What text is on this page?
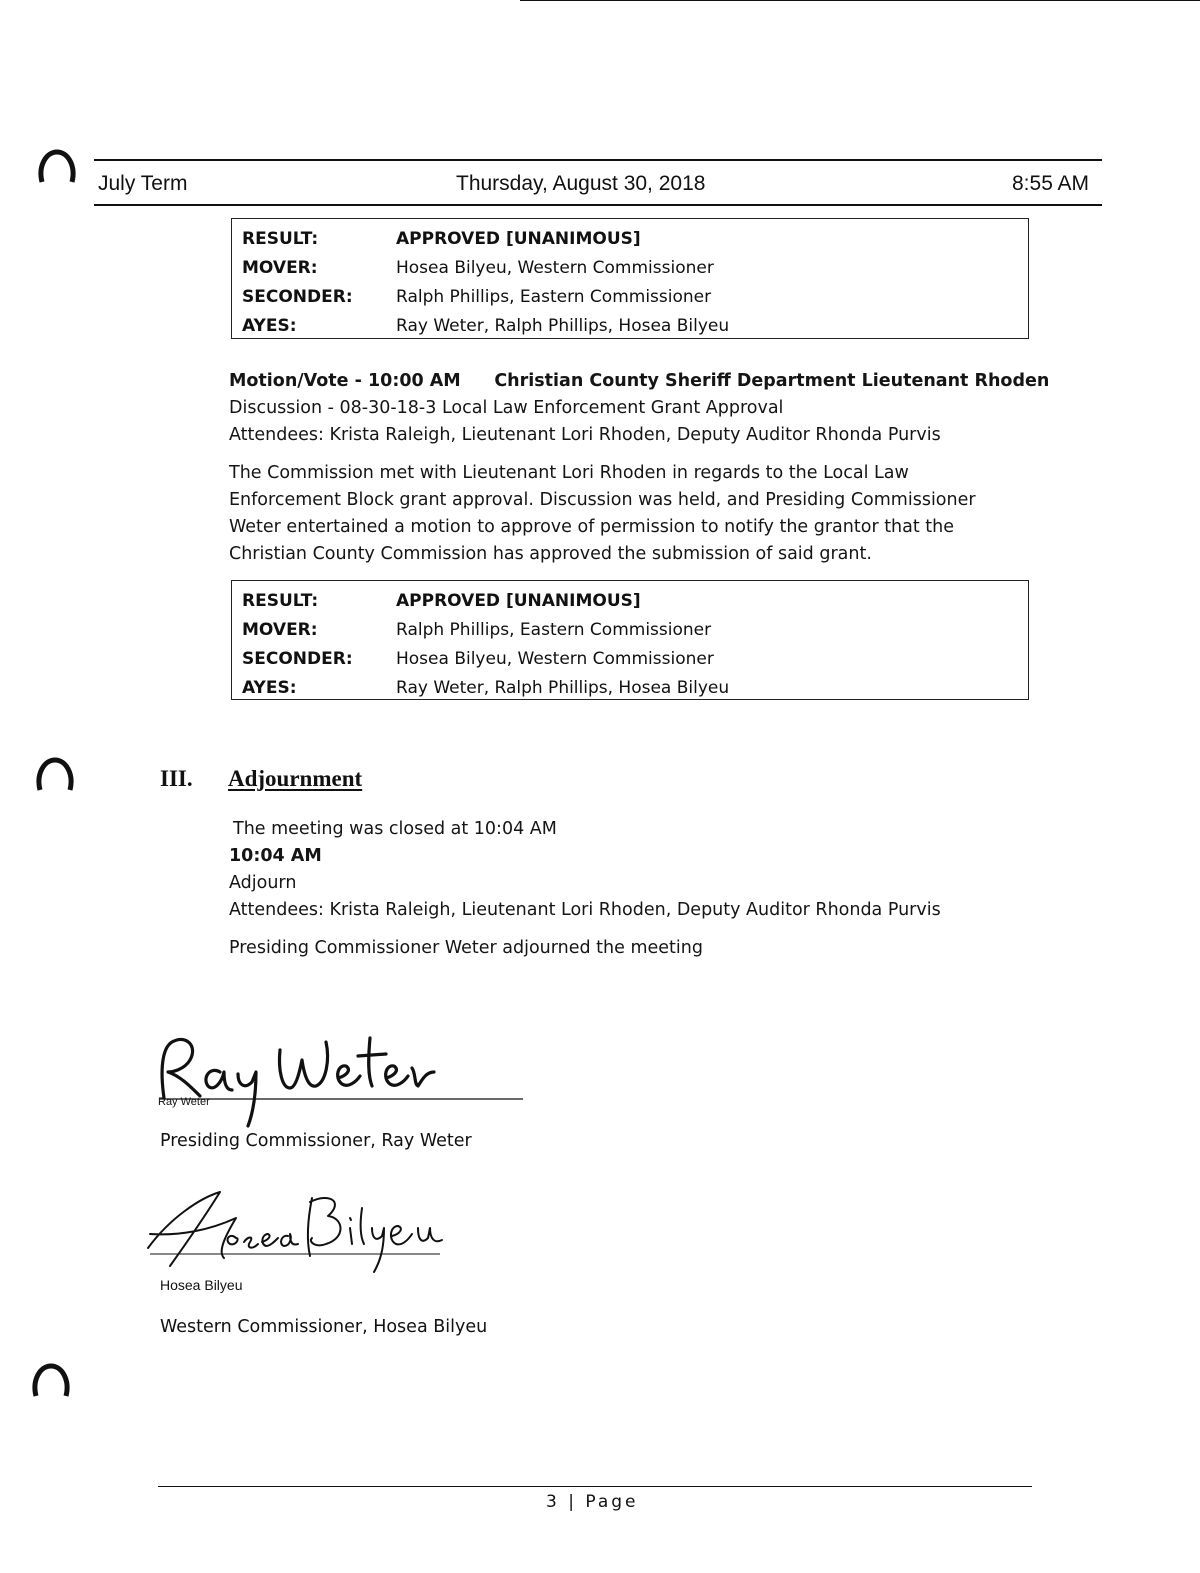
July Term	Thursday, August 30, 2018	8:55 AM
RESULT:	APPROVED [UNANIMOUS]
MOVER:	Hosea Bilyeu, Western Commissioner
SECONDER:	Ralph Phillips, Eastern Commissioner
AYES:	Ray Weter, Ralph Phillips, Hosea Bilyeu
Motion/Vote - 10:00 AM Christian County Sheriff Department Lieutenant Rhoden
Discussion - 08-30-18-3 Local Law Enforcement Grant Approval
Attendees: Krista Raleigh, Lieutenant Lori Rhoden, Deputy Auditor Rhonda Purvis
The Commission met with Lieutenant Lori Rhoden in regards to the Local Law
Enforcement Block grant approval. Discussion was held, and Presiding Commissioner
Weter entertained a motion to approve of permission to notify the grantor that the
Christian County Commission has approved the submission of said grant.
RESULT:	APPROVED [UNANIMOUS]
MOVER:	Ralph Phillips, Eastern Commissioner
SECONDER:	Hosea Bilyeu, Western Commissioner
AYES:	Ray Weter, Ralph Phillips, Hosea Bilyeu
III. Adjournment
The meeting was closed at 10:04 AM
10:04 AM
Adjourn
Attendees: Krista Raleigh, Lieutenant Lori Rhoden, Deputy Auditor Rhonda Purvis
Presiding Commissioner Weter adjourned the meeting
Ray Weter
Presiding Commissioner, Ray Weter
Hosea Bilyeu
Western Commissioner, Hosea Bilyeu
3 | Page
